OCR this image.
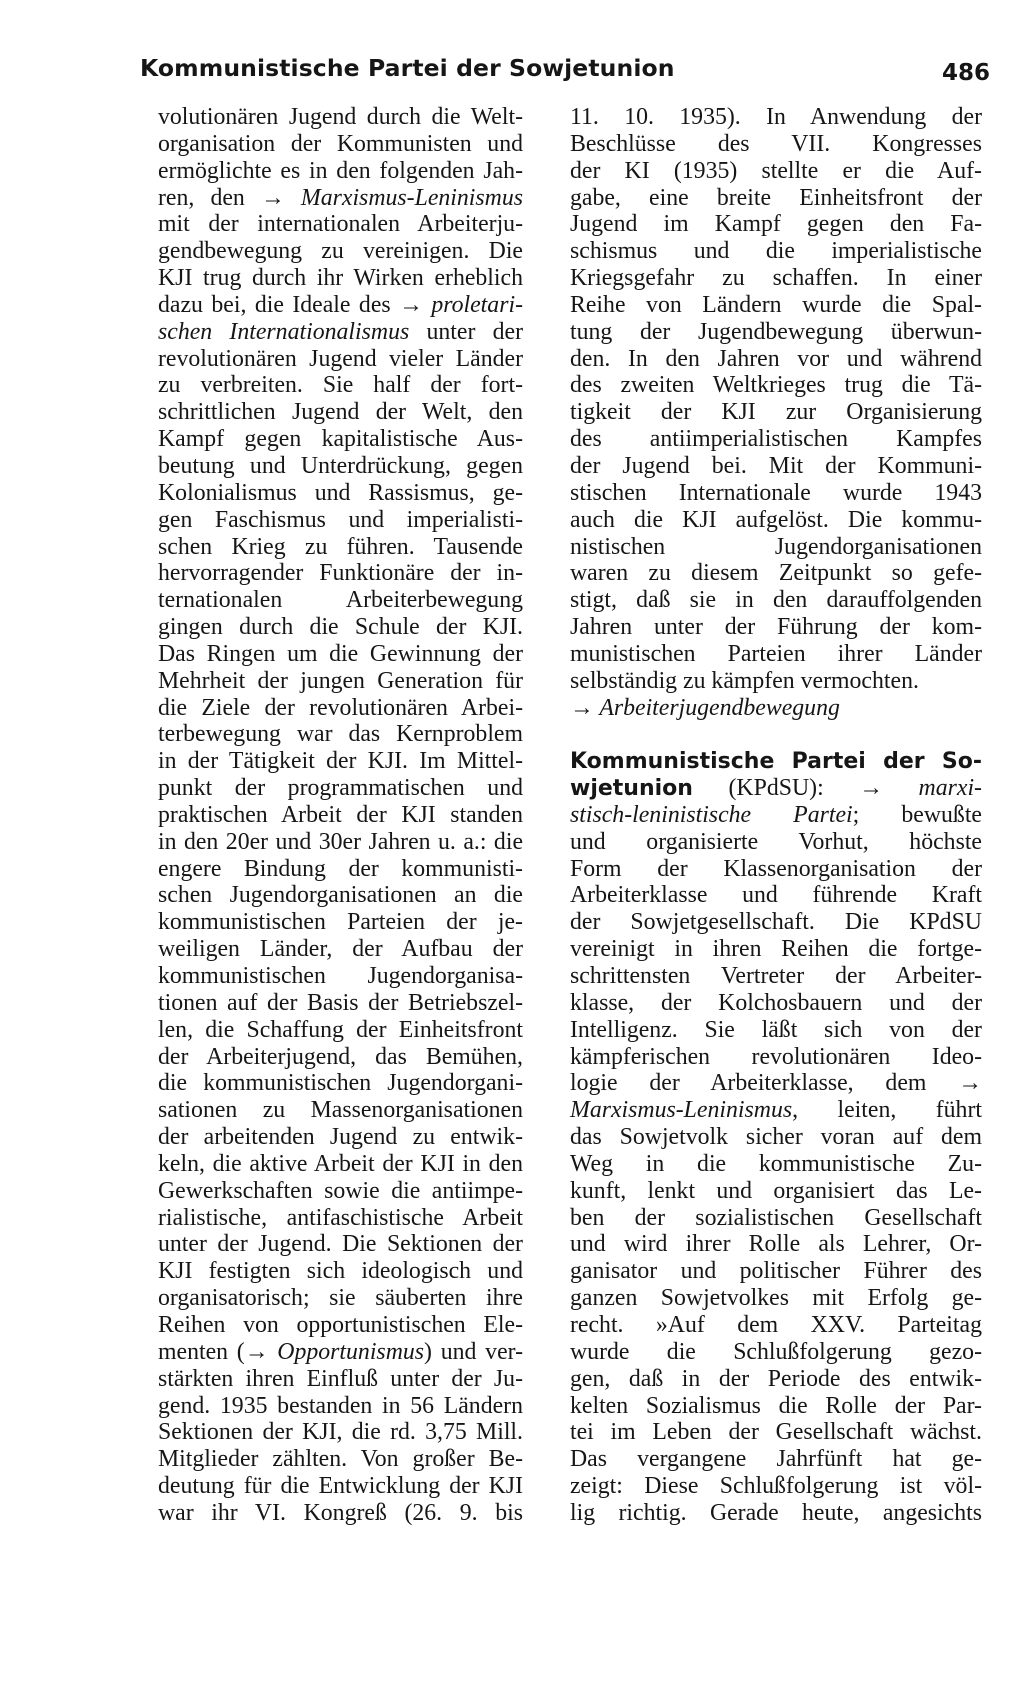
Kommunistische Partei der Sowjetunion	486
volutionären Jugend durch die Welt-
organisation der Kommunisten und
ermöglichte es in den folgenden Jah-
ren, den → Marxismus-Leninismus
mit der internationalen Arbeiterju-
gendbewegung zu vereinigen. Die
KJI trug durch ihr Wirken erheblich
dazu bei, die Ideale des → proletari-
schen Internationalismus unter der
revolutionären Jugend vieler Länder
zu verbreiten. Sie half der fort-
schrittlichen Jugend der Welt, den
Kampf gegen kapitalistische Aus-
beutung und Unterdrückung, gegen
Kolonialismus und Rassismus, ge-
gen Faschismus und imperialisti-
schen Krieg zu führen. Tausende
hervorragender Funktionäre der in-
ternationalen Arbeiterbewegung
gingen durch die Schule der KJI.
Das Ringen um die Gewinnung der
Mehrheit der jungen Generation für
die Ziele der revolutionären Arbei-
terbewegung war das Kernproblem
in der Tätigkeit der KJI. Im Mittel-
punkt der programmatischen und
praktischen Arbeit der KJI standen
in den 20er und 30er Jahren u. a.: die
engere Bindung der kommunisti-
schen Jugendorganisationen an die
kommunistischen Parteien der je-
weiligen Länder, der Aufbau der
kommunistischen Jugendorganisa-
tionen auf der Basis der Betriebszel-
len, die Schaffung der Einheitsfront
der Arbeiterjugend, das Bemühen,
die kommunistischen Jugendorgani-
sationen zu Massenorganisationen
der arbeitenden Jugend zu entwik-
keln, die aktive Arbeit der KJI in den
Gewerkschaften sowie die antiimpe-
rialistische, antifaschistische Arbeit
unter der Jugend. Die Sektionen der
KJI festigten sich ideologisch und
organisatorisch; sie säuberten ihre
Reihen von opportunistischen Ele-
menten (→ Opportunismus) und ver-
stärkten ihren Einfluß unter der Ju-
gend. 1935 bestanden in 56 Ländern
Sektionen der KJI, die rd. 3,75 Mill.
Mitglieder zählten. Von großer Be-
deutung für die Entwicklung der KJI
war ihr VI. Kongreß (26. 9. bis
11. 10. 1935). In Anwendung der
Beschlüsse des VII. Kongresses
der KI (1935) stellte er die Auf-
gabe, eine breite Einheitsfront der
Jugend im Kampf gegen den Fa-
schismus und die imperialistische
Kriegsgefahr zu schaffen. In einer
Reihe von Ländern wurde die Spal-
tung der Jugendbewegung überwun-
den. In den Jahren vor und während
des zweiten Weltkrieges trug die Tä-
tigkeit der KJI zur Organisierung
des antiimperialistischen Kampfes
der Jugend bei. Mit der Kommuni-
stischen Internationale wurde 1943
auch die KJI aufgelöst. Die kommu-
nistischen Jugendorganisationen
waren zu diesem Zeitpunkt so gefe-
stigt, daß sie in den darauffolgenden
Jahren unter der Führung der kom-
munistischen Parteien ihrer Länder
selbständig zu kämpfen vermochten.
→ Arbeiterjugendbewegung
Kommunistische Partei der So-
wjetunion (KPdSU): → marxi-
stisch-leninistische Partei; bewußte
und organisierte Vorhut, höchste
Form der Klassenorganisation der
Arbeiterklasse und führende Kraft
der Sowjetgesellschaft. Die KPdSU
vereinigt in ihren Reihen die fortge-
schrittensten Vertreter der Arbeiter-
klasse, der Kolchosbauern und der
Intelligenz. Sie läßt sich von der
kämpferischen revolutionären Ideo-
logie der Arbeiterklasse, dem →
Marxismus-Leninismus, leiten, führt
das Sowjetvolk sicher voran auf dem
Weg in die kommunistische Zu-
kunft, lenkt und organisiert das Le-
ben der sozialistischen Gesellschaft
und wird ihrer Rolle als Lehrer, Or-
ganisator und politischer Führer des
ganzen Sowjetvolkes mit Erfolg ge-
recht. »Auf dem XXV. Parteitag
wurde die Schlußfolgerung gezo-
gen, daß in der Periode des entwik-
kelten Sozialismus die Rolle der Par-
tei im Leben der Gesellschaft wächst.
Das vergangene Jahrfünft hat ge-
zeigt: Diese Schlußfolgerung ist völ-
lig richtig. Gerade heute, angesichts
